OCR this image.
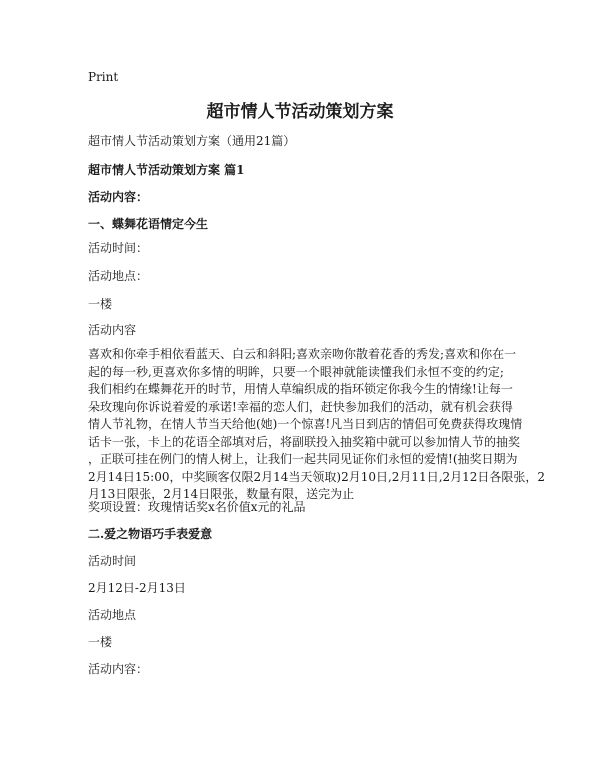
Print
超市情人节活动策划方案
超市情人节活动策划方案（通用21篇）
超市情人节活动策划方案 篇1
活动内容：
一、蝶舞花语情定今生
活动时间：
活动地点：
一楼
活动内容
喜欢和你牵手相依看蓝天、白云和斜阳;喜欢亲吻你散着花香的秀发;喜欢和你在一
起的每一秒,更喜欢你多情的明眸，只要一个眼神就能读懂我们永恒不变的约定;
我们相约在蝶舞花开的时节，用情人草编织成的指环锁定你我今生的情缘!让每一
朵玫瑰向你诉说着爱的承诺!幸福的恋人们，赶快参加我们的活动，就有机会获得
情人节礼物，在情人节当天给他(她)一个惊喜!凡当日到店的情侣可免费获得玫瑰情
话卡一张，卡上的花语全部填对后，将副联投入抽奖箱中就可以参加情人节的抽奖
，正联可挂在例门的情人树上，让我们一起共同见证你们永恒的爱情!(抽奖日期为
2月14日15:00，中奖顾客仅限2月14当天领取)2月10日,2月11日,2月12日各限张，2
月13日限张，2月14日限张，数量有限，送完为止
奖项设置：玫瑰情话奖x名价值x元的礼品
二.爱之物语巧手表爱意
活动时间
2月12日-2月13日
活动地点
一楼
活动内容：
